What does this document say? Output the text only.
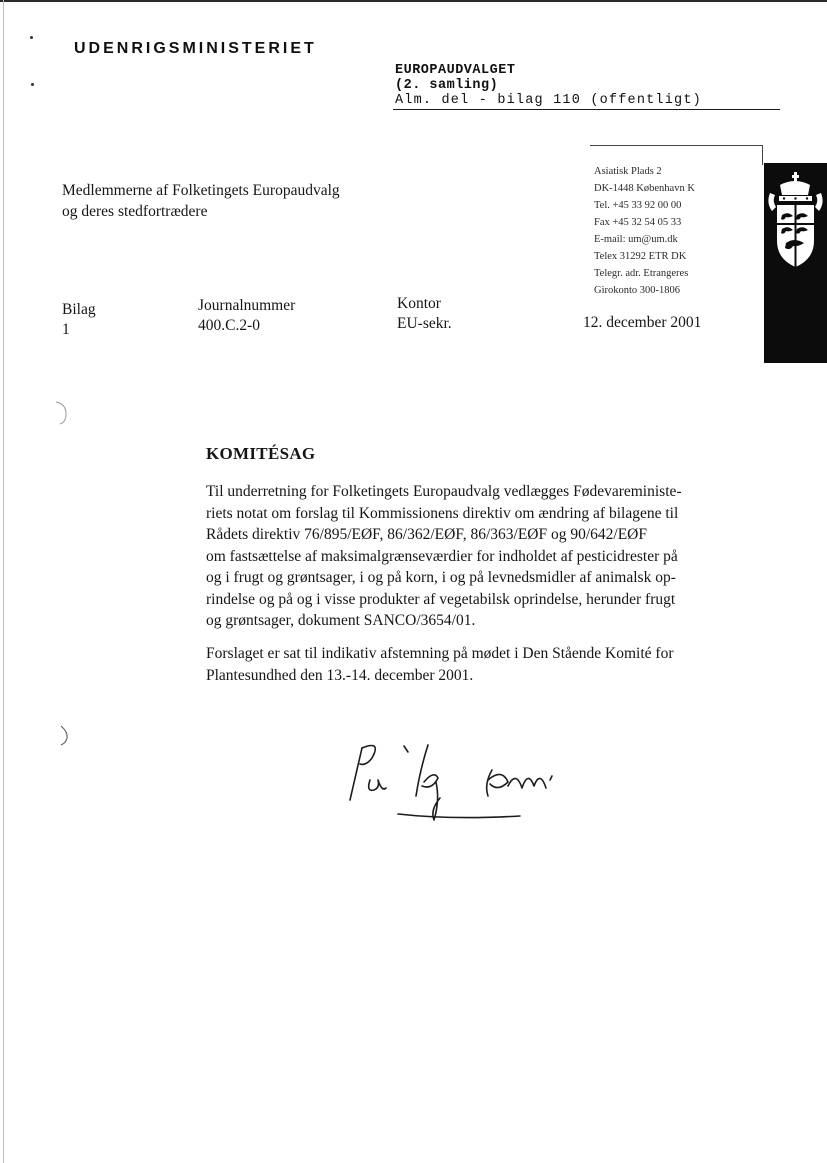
UDENRIGSMINISTERIET
EUROPAUDVALGET
(2. samling)
Alm. del - bilag 110 (offentligt)
Asiatisk Plads 2
DK-1448 København K
Tel. +45 33 92 00 00
Fax +45 32 54 05 33
E-mail: um@um.dk
Telex 31292 ETR DK
Telegr. adr. Etrangeres
Girokonto 300-1806
Medlemmerne af Folketingets Europaudvalg
og deres stedfortrædere
Bilag
1
Journalnummer
400.C.2-0
Kontor
EU-sekr.	12. december 2001
KOMITÉSAG
Til underretning for Folketingets Europaudvalg vedlægges Fødevareministe-
riets notat om forslag til Kommissionens direktiv om ændring af bilagene til
Rådets direktiv 76/895/EØF, 86/362/EØF, 86/363/EØF og 90/642/EØF
om fastsættelse af maksimalgrænseværdier for indholdet af pesticidrester på
og i frugt og grøntsager, i og på korn, i og på levnedsmidler af animalsk op-
rindelse og på og i visse produkter af vegetabilsk oprindelse, herunder frugt
og grøntsager, dokument SANCO/3654/01.
Forslaget er sat til indikativ afstemning på mødet i Den Stående Komité for
Plantesundhed den 13.-14. december 2001.
